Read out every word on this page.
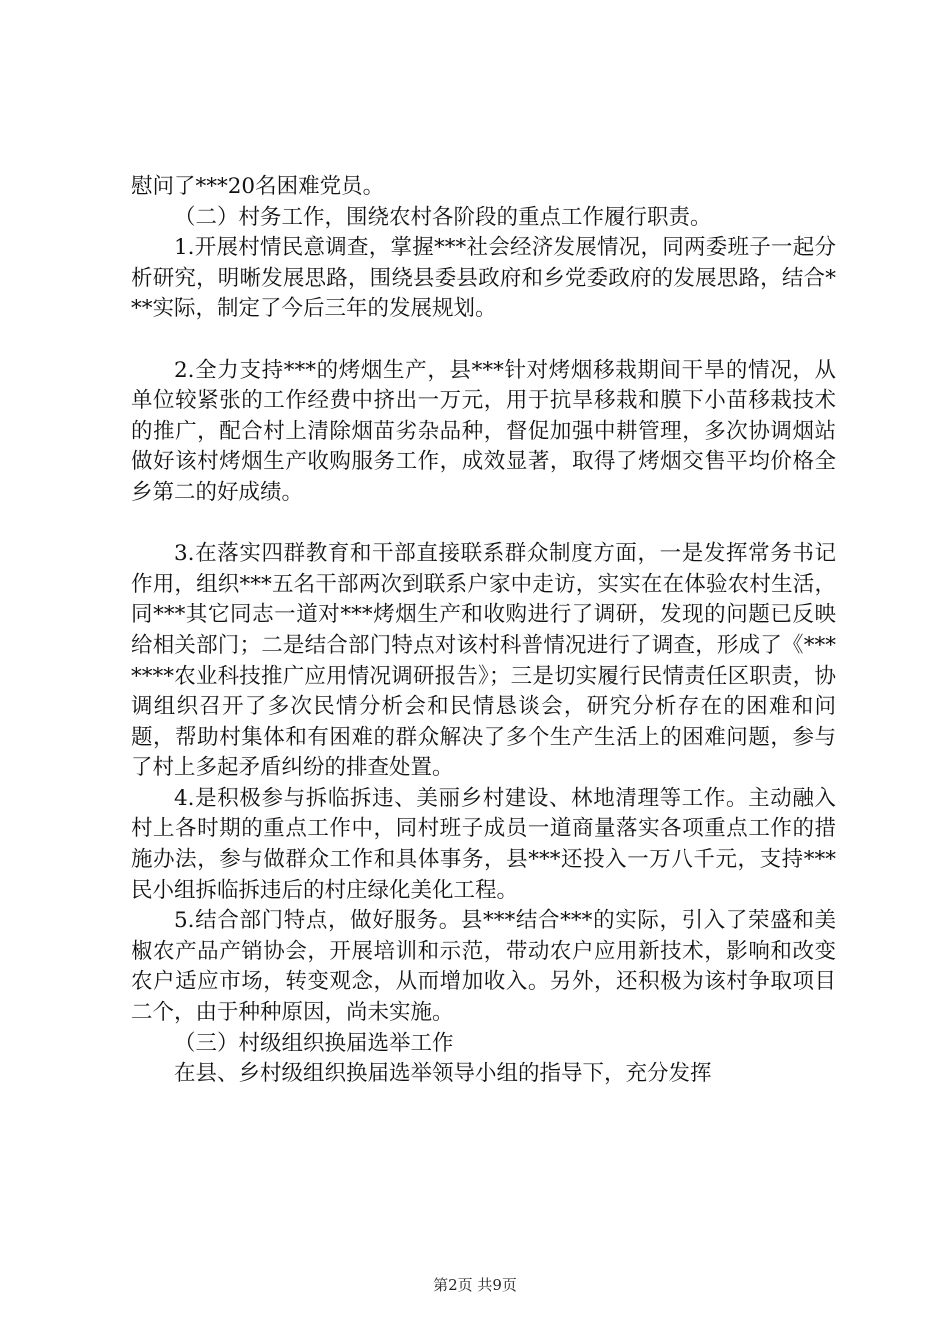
慰问了***20名困难党员。

（二）村务工作，围绕农村各阶段的重点工作履行职责。

1.开展村情民意调查，掌握***社会经济发展情况，同两委班子一起分析研究，明晰发展思路，围绕县委县政府和乡党委政府的发展思路，结合***实际，制定了今后三年的发展规划。

2.全力支持***的烤烟生产，县***针对烤烟移栽期间干旱的情况，从单位较紧张的工作经费中挤出一万元，用于抗旱移栽和膜下小苗移栽技术的推广，配合村上清除烟苗劣杂品种，督促加强中耕管理，多次协调烟站做好该村烤烟生产收购服务工作，成效显著，取得了烤烟交售平均价格全乡第二的好成绩。

3.在落实四群教育和干部直接联系群众制度方面，一是发挥常务书记作用，组织***五名干部两次到联系户家中走访，实实在在体验农村生活，同***其它同志一道对***烤烟生产和收购进行了调研，发现的问题已反映给相关部门；二是结合部门特点对该村科普情况进行了调查，形成了《*******农业科技推广应用情况调研报告》；三是切实履行民情责任区职责，协调组织召开了多次民情分析会和民情恳谈会，研究分析存在的困难和问题，帮助村集体和有困难的群众解决了多个生产生活上的困难问题，参与了村上多起矛盾纠纷的排查处置。

4.是积极参与拆临拆违、美丽乡村建设、林地清理等工作。主动融入村上各时期的重点工作中，同村班子成员一道商量落实各项重点工作的措施办法，参与做群众工作和具体事务，县***还投入一万八千元，支持***民小组拆临拆违后的村庄绿化美化工程。

5.结合部门特点，做好服务。县***结合***的实际，引入了荣盛和美椒农产品产销协会，开展培训和示范，带动农户应用新技术，影响和改变农户适应市场，转变观念，从而增加收入。另外，还积极为该村争取项目二个，由于种种原因，尚未实施。

（三）村级组织换届选举工作

在县、乡村级组织换届选举领导小组的指导下，充分发挥

第2页 共9页
